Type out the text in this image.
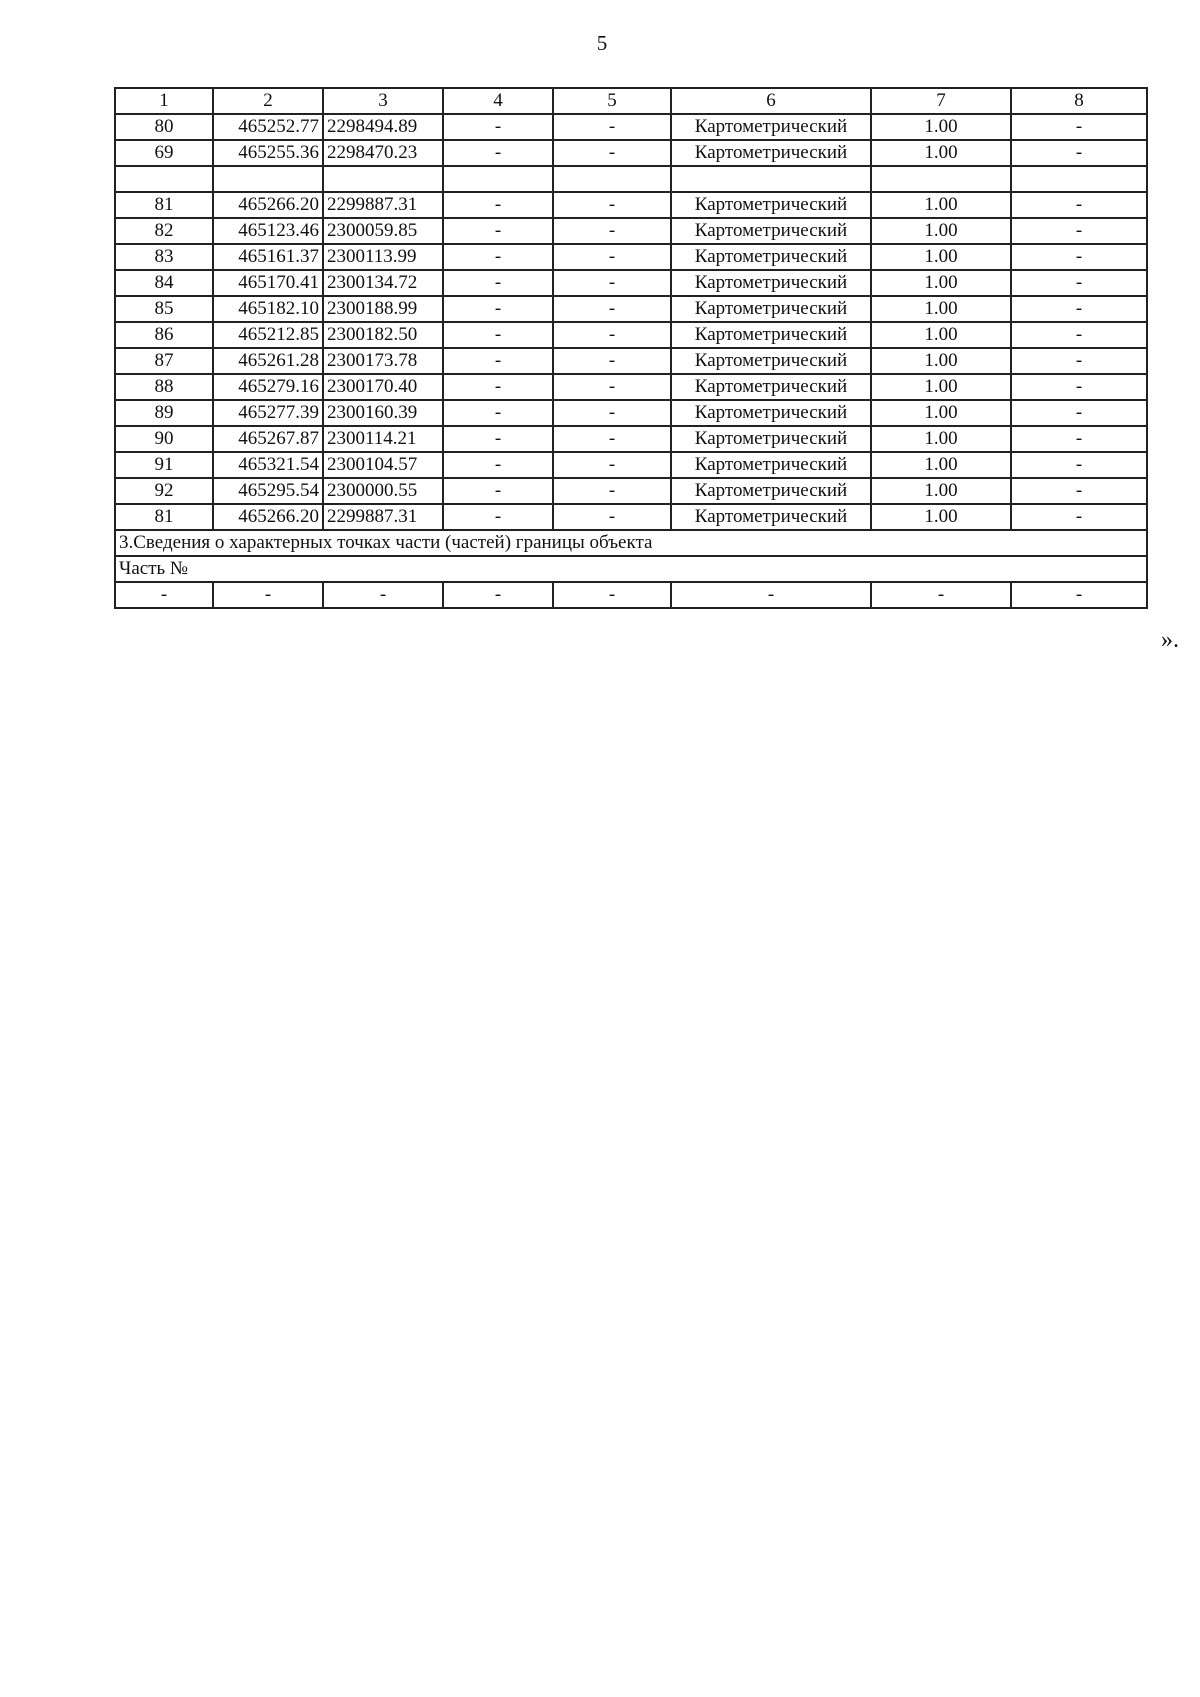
5
1	2	3	4	5	6	7	8
80	465252.77	2298494.89	-	-	Картометрический	1.00	-
69	465255.36	2298470.23	-	-	Картометрический	1.00	-

81	465266.20	2299887.31	-	-	Картометрический	1.00	-
82	465123.46	2300059.85	-	-	Картометрический	1.00	-
83	465161.37	2300113.99	-	-	Картометрический	1.00	-
84	465170.41	2300134.72	-	-	Картометрический	1.00	-
85	465182.10	2300188.99	-	-	Картометрический	1.00	-
86	465212.85	2300182.50	-	-	Картометрический	1.00	-
87	465261.28	2300173.78	-	-	Картометрический	1.00	-
88	465279.16	2300170.40	-	-	Картометрический	1.00	-
89	465277.39	2300160.39	-	-	Картометрический	1.00	-
90	465267.87	2300114.21	-	-	Картометрический	1.00	-
91	465321.54	2300104.57	-	-	Картометрический	1.00	-
92	465295.54	2300000.55	-	-	Картометрический	1.00	-
81	465266.20	2299887.31	-	-	Картометрический	1.00	-
3.Сведения о характерных точках части (частей) границы объекта							
Часть №							
-	-	-	-	-	-	-	-
».
